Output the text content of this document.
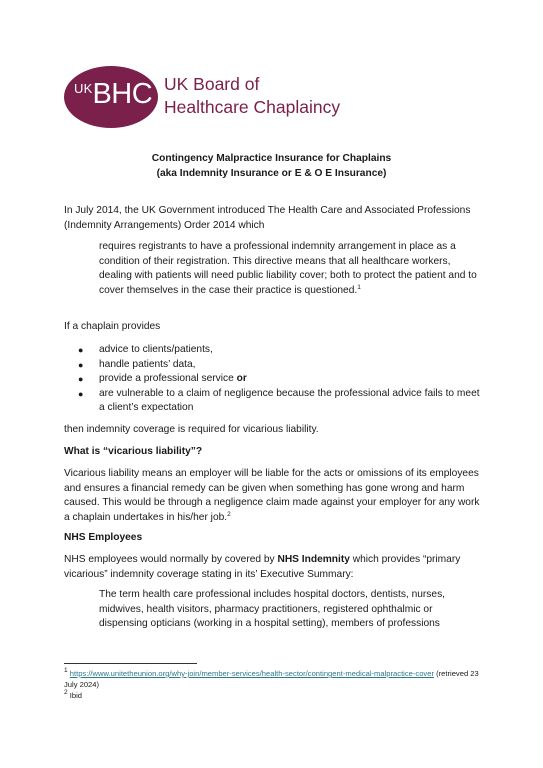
$^{UK}$BHC UK Board of
Healthcare Chaplaincy
Contingency Malpractice Insurance for Chaplains
(aka Indemnity Insurance or E & O E Insurance)

In July 2014, the UK Government introduced The Health Care and Associated Professions (Indemnity Arrangements) Order 2014 which

requires registrants to have a professional indemnity arrangement in place as a condition of their registration. This directive means that all healthcare workers, dealing with patients will need public liability cover; both to protect the patient and to cover themselves in the case their practice is questioned.$^1$

If a chaplain provides

● advice to clients/patients,
● handle patients’ data,
● provide a professional service or
● are vulnerable to a claim of negligence because the professional advice fails to meet a client’s expectation

then indemnity coverage is required for vicarious liability.

What is “vicarious liability”?

Vicarious liability means an employer will be liable for the acts or omissions of its employees and ensures a financial remedy can be given when something has gone wrong and harm caused. This would be through a negligence claim made against your employer for any work a chaplain undertakes in his/her job.$^2$

NHS Employees

NHS employees would normally by covered by NHS Indemnity which provides “primary vicarious” indemnity coverage stating in its’ Executive Summary:

The term health care professional includes hospital doctors, dentists, nurses, midwives, health visitors, pharmacy practitioners, registered ophthalmic or dispensing opticians (working in a hospital setting), members of professions

$^1$ https://www.unitetheunion.org/why-join/member-services/health-sector/contingent-medical-malpractice-cover (retrieved 23 July 2024)
$^2$ Ibid
